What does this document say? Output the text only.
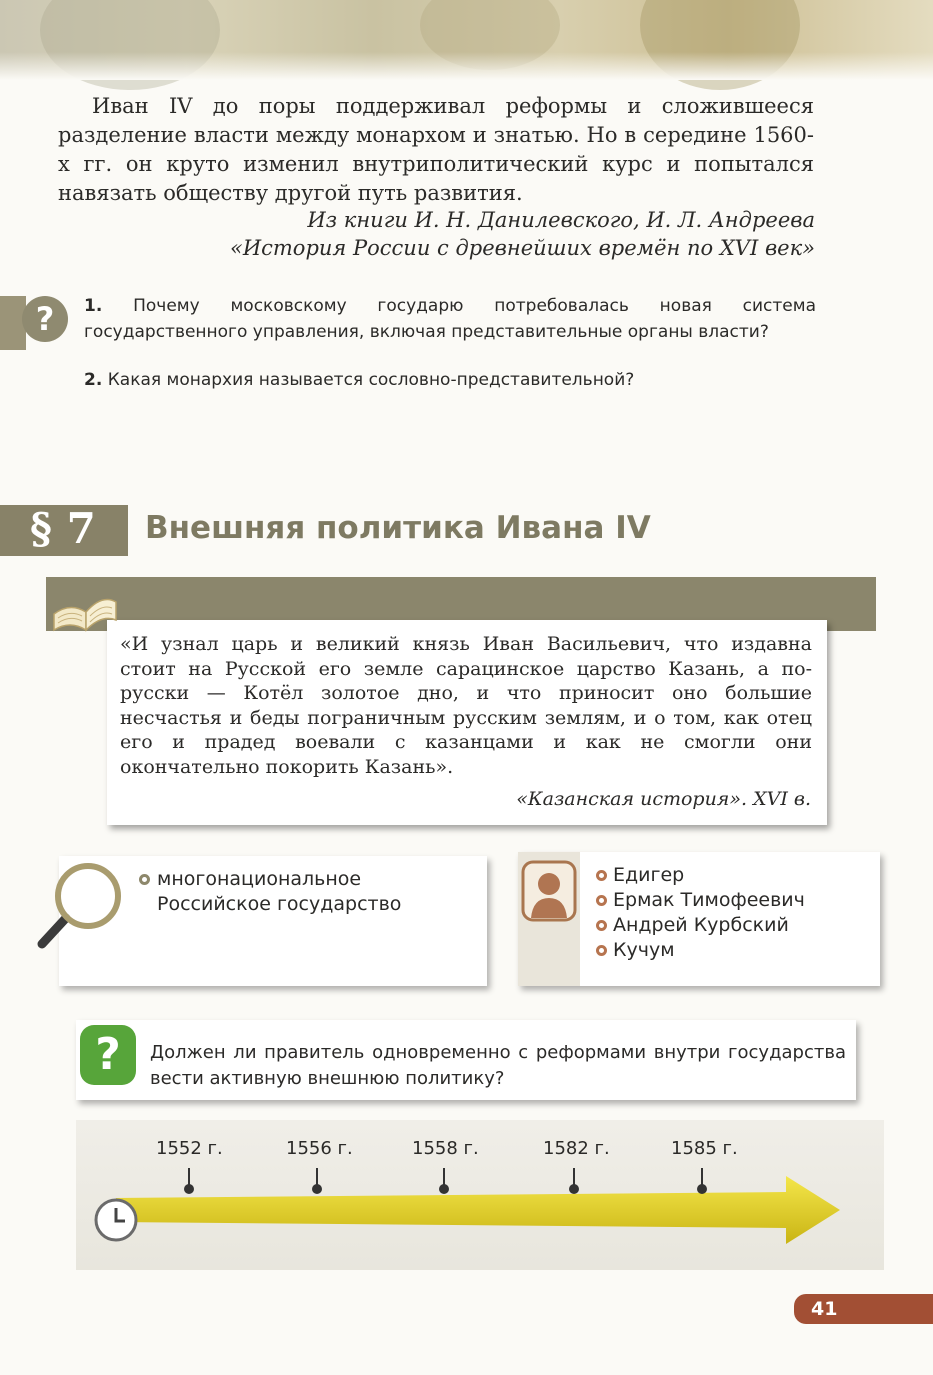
Иван IV до поры поддерживал реформы и сложившееся разделение власти между монархом и знатью. Но в середине 1560-х гг. он круто изменил внутриполитический курс и попытался навязать обществу другой путь развития.
Из книги И. Н. Данилевского, И. Л. Андреева
«История России с древнейших времён по XVI век»
?	1. Почему московскому государю потребовалась новая система государственного управления, включая представительные органы власти?
2. Какая монархия называется сословно-представительной?
§ 7 Внешняя политика Ивана IV
«И узнал царь и великий князь Иван Васильевич, что издавна стоит на Русской его земле сарацинское царство Казань, а по-русски — Котёл золотое дно, и что приносит оно большие несчастья и беды пограничным русским землям, и о том, как отец его и прадед воевали с казанцами и как не смогли они окончательно покорить Казань».
«Казанская история». XVI в.
многонациональное
Российское государство
Едигер
Ермак Тимофеевич
Андрей Курбский
Кучум
?	Должен ли правитель одновременно с реформами внутри государства вести активную внешнюю политику?
1552 г.	1556 г.	1558 г.	1582 г.	1585 г.
41
